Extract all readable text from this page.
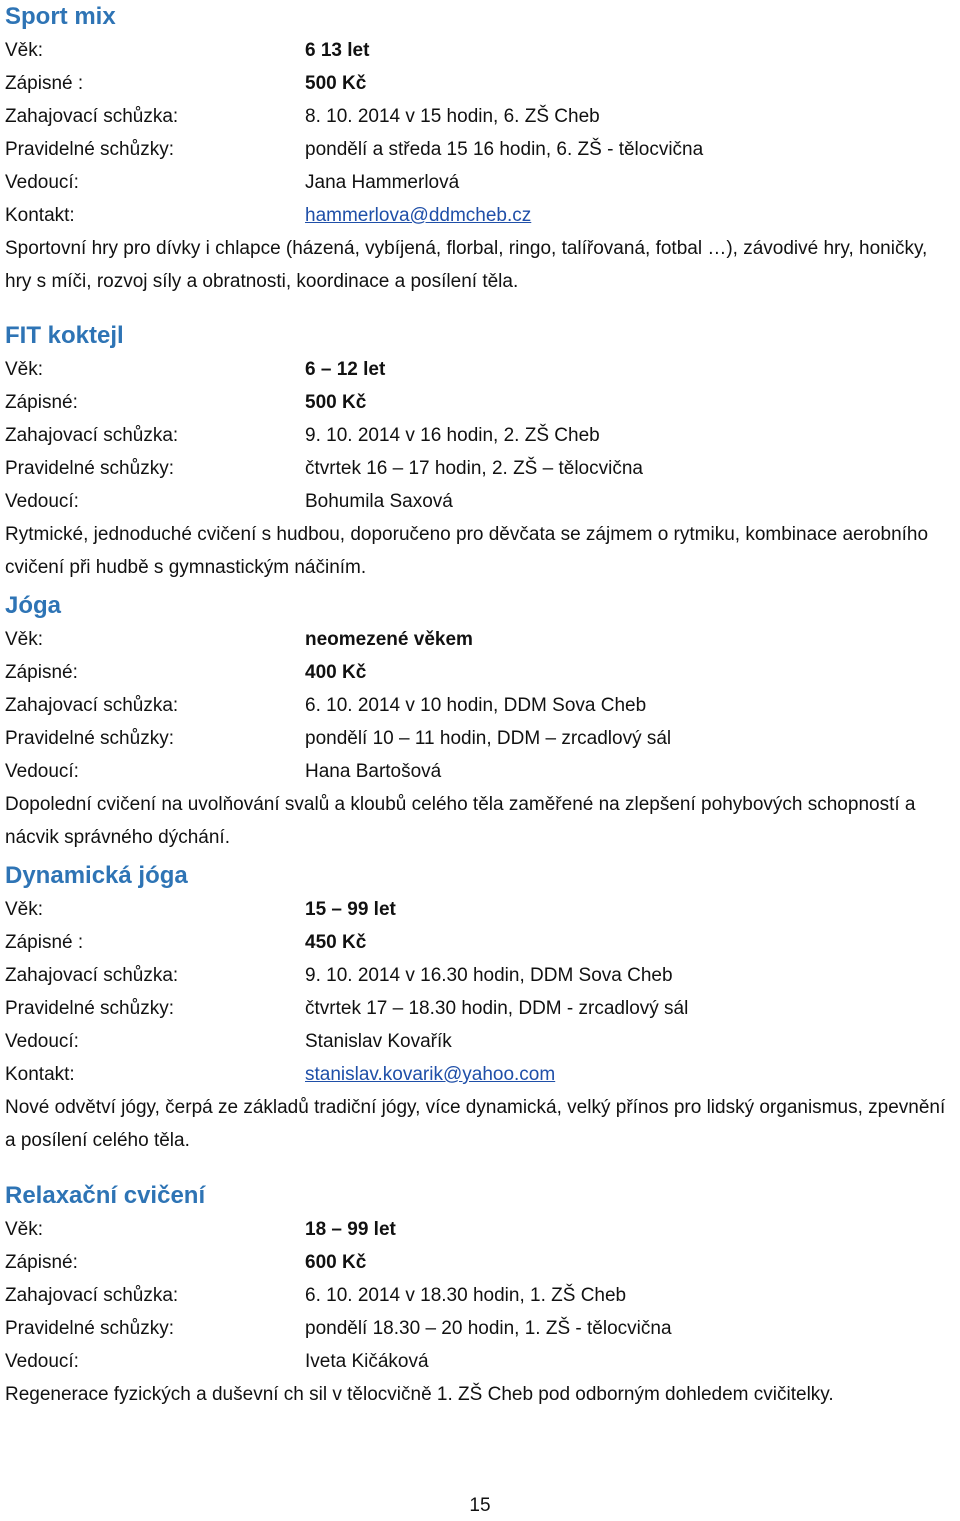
Sport mix
Věk:	6 13 let
Zápisné :	500 Kč
Zahajovací schůzka:	8. 10. 2014 v 15 hodin, 6. ZŠ Cheb
Pravidelné schůzky:	pondělí a středa 15 16 hodin, 6. ZŠ - tělocvična
Vedoucí:	Jana Hammerlová
Kontakt:	hammerlova@ddmcheb.cz

Sportovní hry pro dívky i chlapce (házená, vybíjená, florbal, ringo, talířovaná, fotbal …), závodivé hry, honičky, hry s míči, rozvoj síly a obratnosti, koordinace a posílení těla.

FIT koktejl
Věk:	6 – 12 let
Zápisné:	500 Kč
Zahajovací schůzka:	9. 10. 2014 v 16 hodin, 2. ZŠ Cheb
Pravidelné schůzky:	čtvrtek 16 – 17 hodin, 2. ZŠ – tělocvična
Vedoucí:	Bohumila Saxová

Rytmické, jednoduché cvičení s hudbou, doporučeno pro děvčata se zájmem o rytmiku, kombinace aerobního cvičení při hudbě s gymnastickým náčiním.

Jóga
Věk:	neomezené věkem
Zápisné:	400 Kč
Zahajovací schůzka:	6. 10. 2014 v 10 hodin, DDM Sova Cheb
Pravidelné schůzky:	pondělí 10 – 11 hodin, DDM – zrcadlový sál
Vedoucí:	Hana Bartošová

Dopolední cvičení na uvolňování svalů a kloubů celého těla zaměřené na zlepšení pohybových schopností a nácvik správného dýchání.

Dynamická jóga
Věk:	15 – 99 let
Zápisné :	450 Kč
Zahajovací schůzka:	9. 10. 2014 v 16.30 hodin, DDM Sova Cheb
Pravidelné schůzky:	čtvrtek 17 – 18.30 hodin, DDM - zrcadlový sál
Vedoucí:	Stanislav Kovařík
Kontakt:	stanislav.kovarik@yahoo.com

Nové odvětví jógy, čerpá ze základů tradiční jógy, více dynamická, velký přínos pro lidský organismus, zpevnění a posílení celého těla.

Relaxační cvičení
Věk:	18 – 99 let
Zápisné:	600 Kč
Zahajovací schůzka:	6. 10. 2014 v 18.30 hodin, 1. ZŠ Cheb
Pravidelné schůzky:	pondělí 18.30 – 20 hodin, 1. ZŠ - tělocvična
Vedoucí:	Iveta Kičáková

Regenerace fyzických a duševní ch sil v tělocvičně 1. ZŠ Cheb pod odborným dohledem cvičitelky.

15
